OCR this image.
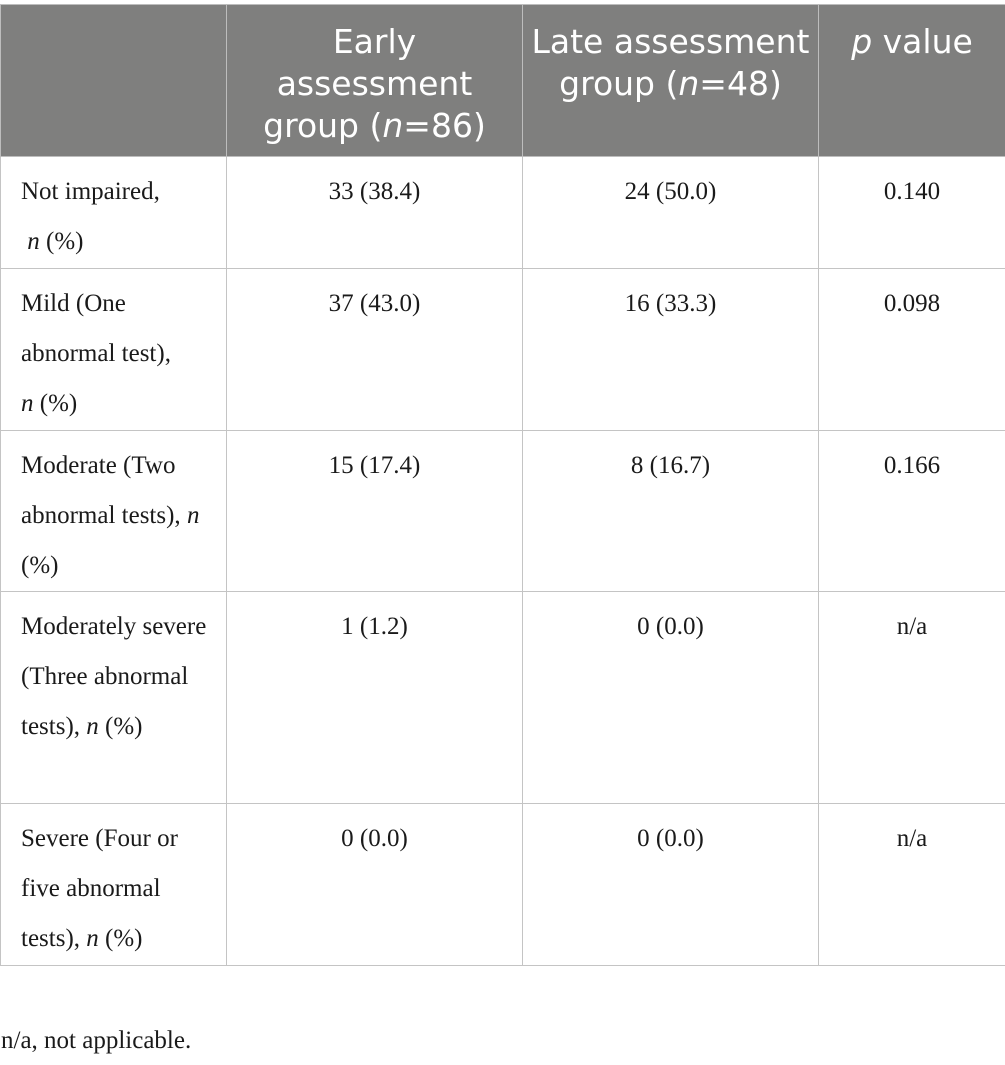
	Early assessment group (n=86)	Late assessment group (n=48)	p value
Not impaired,
n (%)	33 (38.4)	24 (50.0)	0.140
Mild (One abnormal test),
n (%)	37 (43.0)	16 (33.3)	0.098
Moderate (Two abnormal tests), n (%)	15 (17.4)	8 (16.7)	0.166
Moderately severe (Three abnormal tests), n (%)	1 (1.2)	0 (0.0)	n/a
Severe (Four or five abnormal tests), n (%)	0 (0.0)	0 (0.0)	n/a
n/a, not applicable.
